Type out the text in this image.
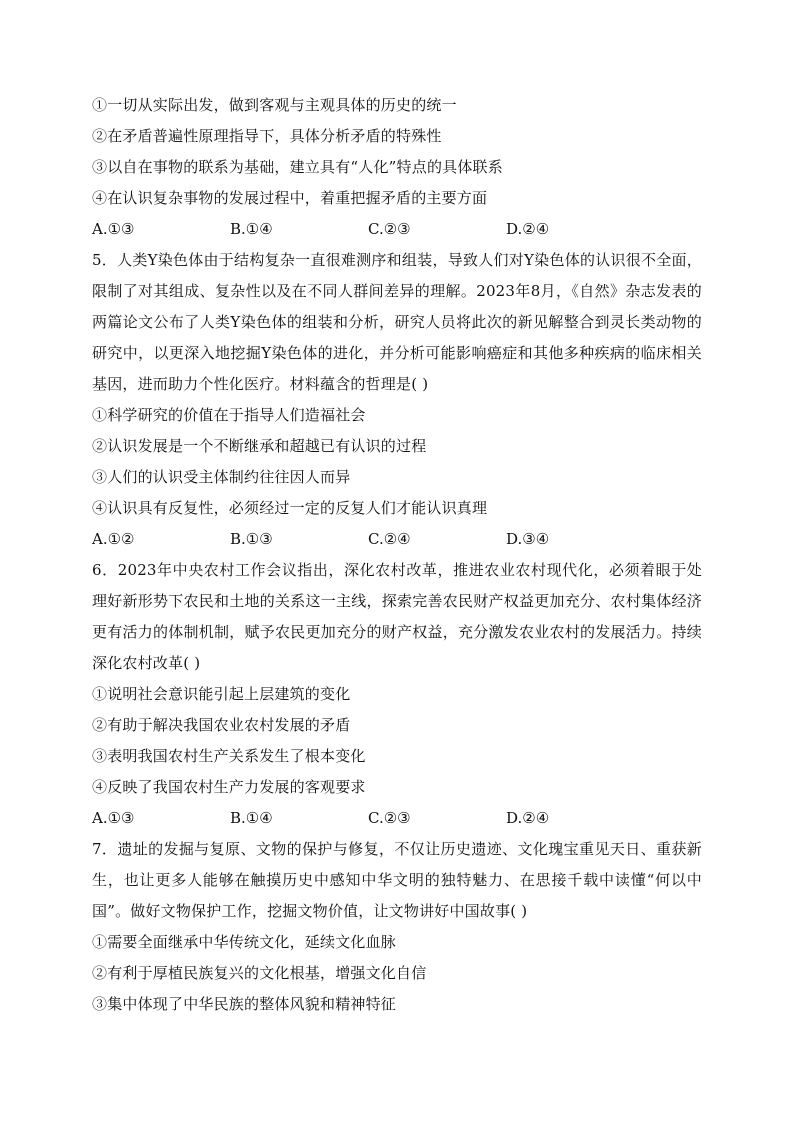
①一切从实际出发，做到客观与主观具体的历史的统一
②在矛盾普遍性原理指导下，具体分析矛盾的特殊性
③以自在事物的联系为基础，建立具有“人化”特点的具体联系
④在认识复杂事物的发展过程中，着重把握矛盾的主要方面
A.①③	B.①④	C.②③	D.②④
5．人类Y染色体由于结构复杂一直很难测序和组装，导致人们对Y染色体的认识很不全面，限制了对其组成、复杂性以及在不同人群间差异的理解。2023年8月，《自然》杂志发表的两篇论文公布了人类Y染色体的组装和分析，研究人员将此次的新见解整合到灵长类动物的研究中，以更深入地挖掘Y染色体的进化，并分析可能影响癌症和其他多种疾病的临床相关基因，进而助力个性化医疗。材料蕴含的哲理是( )
①科学研究的价值在于指导人们造福社会
②认识发展是一个不断继承和超越已有认识的过程
③人们的认识受主体制约往往因人而异
④认识具有反复性，必须经过一定的反复人们才能认识真理
A.①②	B.①③	C.②④	D.③④
6．2023年中央农村工作会议指出，深化农村改革，推进农业农村现代化，必须着眼于处理好新形势下农民和土地的关系这一主线，探索完善农民财产权益更加充分、农村集体经济更有活力的体制机制，赋予农民更加充分的财产权益，充分激发农业农村的发展活力。持续深化农村改革( )
①说明社会意识能引起上层建筑的变化
②有助于解决我国农业农村发展的矛盾
③表明我国农村生产关系发生了根本变化
④反映了我国农村生产力发展的客观要求
A.①③	B.①④	C.②③	D.②④
7．遗址的发掘与复原、文物的保护与修复，不仅让历史遗迹、文化瑰宝重见天日、重获新生，也让更多人能够在触摸历史中感知中华文明的独特魅力、在思接千载中读懂“何以中国”。做好文物保护工作，挖掘文物价值，让文物讲好中国故事( )
①需要全面继承中华传统文化，延续文化血脉
②有利于厚植民族复兴的文化根基，增强文化自信
③集中体现了中华民族的整体风貌和精神特征
